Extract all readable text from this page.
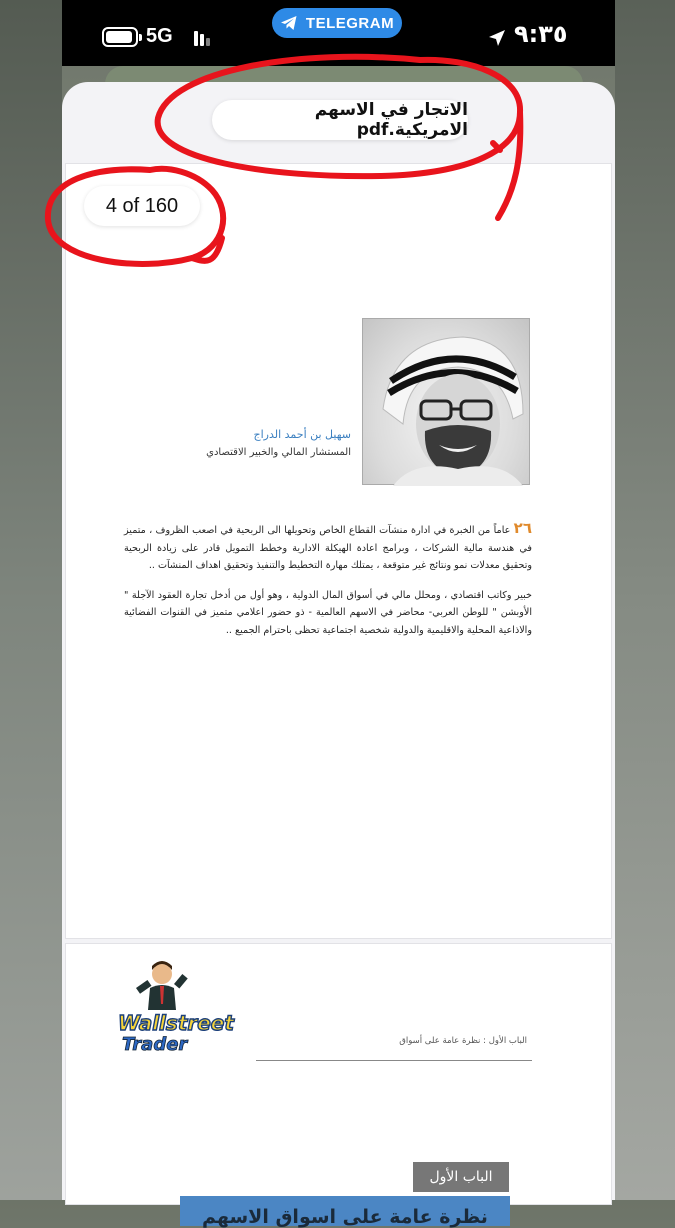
5G
TELEGRAM	٩:٣٥
الاتجار في الاسهم الامريكية.pdf
4 of 160
سهيل بن أحمد الدراج
المستشار المالي والخبير الاقتصادي

٢٦ عاماً من الخبرة في ادارة منشآت القطاع الخاص وتحويلها الى الربحية في اصعب الظروف ، متميز في هندسة مالية الشركات ، وبرامج اعادة الهيكلة الادارية وخطط التمويل قادر على زيادة الربحية وتحقيق معدلات نمو ونتائج غير متوقعة ، يمتلك مهارة التخطيط والتنفيذ وتحقيق اهداف المنشآت ..

خبير وكاتب اقتصادي ، ومحلل مالي في أسواق المال الدولية ، وهو أول من أدخل تجارة العقود الآجلة " الأوبشن " للوطن العربي- محاضر في الاسهم العالمية - ذو حضور اعلامي متميز في القنوات الفضائية والاذاعية المحلية والاقليمية والدولية شخصية اجتماعية تحظى باحترام الجميع ..

Wallstreet
Trader	الباب الأول : نظرة عامة على أسواق
الباب الأول
نظرة عامة على اسواق الاسهم
